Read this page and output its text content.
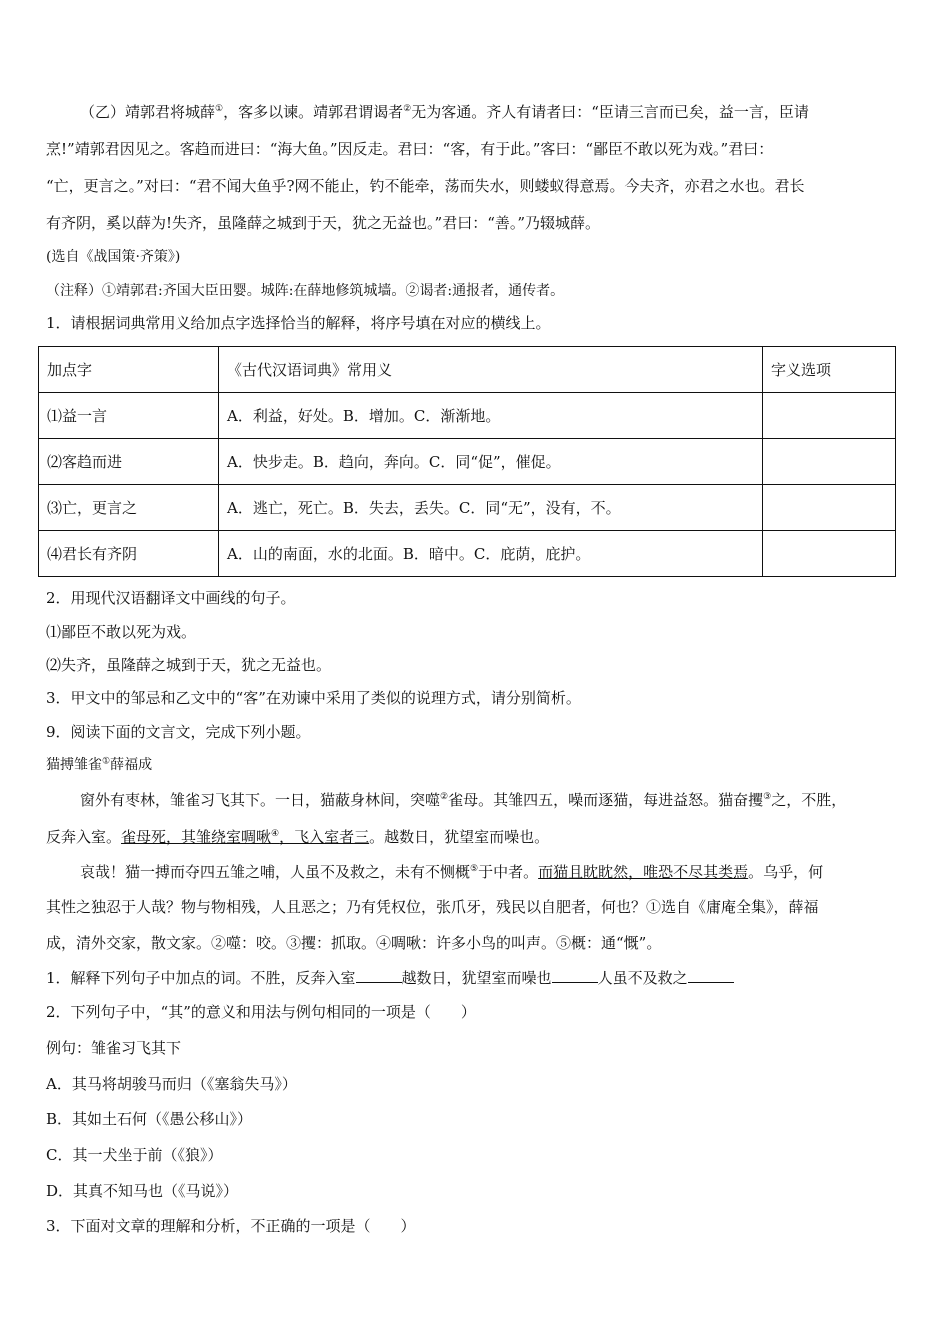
（乙）靖郭君将城薛①，客多以谏。靖郭君谓谒者②无为客通。齐人有请者曰：“臣请三言而已矣，益一言，臣请
烹!”靖郭君因见之。客趋而进曰：“海大鱼。”因反走。君曰：“客，有于此。”客曰：“鄙臣不敢以死为戏。”君曰：
“亡，更言之。”对曰：“君不闻大鱼乎?网不能止，钓不能牵，荡而失水，则蝼蚁得意焉。今夫齐，亦君之水也。君长
有齐阴，奚以薛为!失齐，虽隆薛之城到于天，犹之无益也。”君曰：“善。”乃辍城薛。
(选自《战国策·齐策》)
（注释）①靖郭君:齐国大臣田婴。城阵:在薛地修筑城墙。②谒者:通报者，通传者。
1．请根据词典常用义给加点字选择恰当的解释，将序号填在对应的横线上。
加点字	《古代汉语词典》常用义	字义选项
⑴益一言	A．利益，好处。B．增加。C．渐渐地。	
⑵客趋而进	A．快步走。B．趋向，奔向。C．同“促”，催促。	
⑶亡，更言之	A．逃亡，死亡。B．失去，丢失。C．同“无”，没有，不。	
⑷君长有齐阴	A．山的南面，水的北面。B．暗中。C．庇荫，庇护。	
2．用现代汉语翻译文中画线的句子。
⑴鄙臣不敢以死为戏。
⑵失齐，虽隆薛之城到于天，犹之无益也。
3．甲文中的邹忌和乙文中的“客”在劝谏中采用了类似的说理方式，请分别简析。
9．阅读下面的文言文，完成下列小题。
猫搏雏雀①薛福成
窗外有枣林，雏雀习飞其下。一日，猫蔽身林间，突噬②雀母。其雏四五，噪而逐猫，每进益怒。猫奋攫③之，不胜，
反奔入室。雀母死，其雏绕室啁啾④，飞入室者三。越数日，犹望室而噪也。
哀哉！猫一搏而夺四五雏之哺，人虽不及救之，未有不恻概⑤于中者。而猫且眈眈然，唯恐不尽其类焉。乌乎，何
其性之独忍于人哉？物与物相残，人且恶之；乃有凭权位，张爪牙，残民以自肥者，何也？①选自《庸庵全集》，薛福
成，清外交家，散文家。②噬：咬。③攫：抓取。④啁啾：许多小鸟的叫声。⑤概：通“慨”。
1．解释下列句子中加点的词。不胜，反奔入室	越数日，犹望室而噪也	人虽不及救之
2．下列句子中，“其”的意义和用法与例句相同的一项是（　　）
例句：雏雀习飞其下
A．其马将胡骏马而归（《塞翁失马》）
B．其如土石何（《愚公移山》）
C．其一犬坐于前（《狼》）
D．其真不知马也（《马说》）
3．下面对文章的理解和分析，不正确的一项是（　　）
